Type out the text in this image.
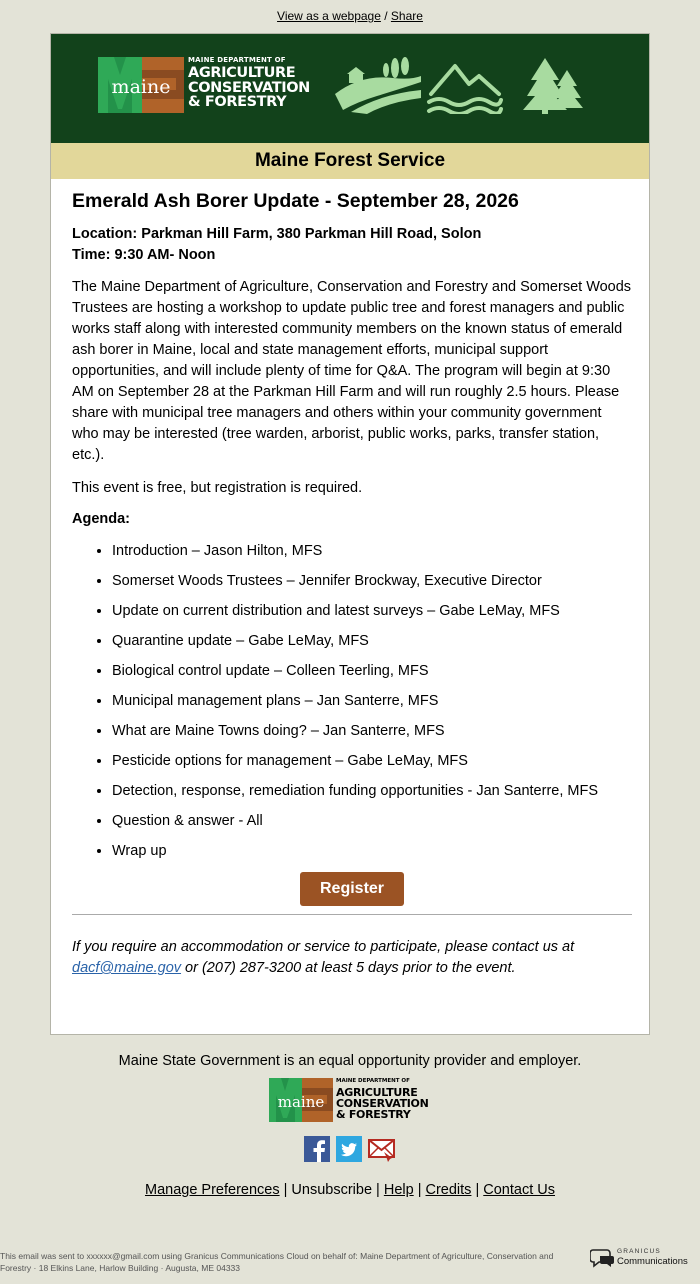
View as a webpage / Share
maine
MAINE DEPARTMENT OF
AGRICULTURE
CONSERVATION
& FORESTRY
Maine Forest Service
Emerald Ash Borer Update - September 28, 2026
Location: Parkman Hill Farm, 380 Parkman Hill Road, Solon
Time: 9:30 AM- Noon

The Maine Department of Agriculture, Conservation and Forestry and Somerset Woods Trustees are hosting a workshop to update public tree and forest managers and public works staff along with interested community members on the known status of emerald ash borer in Maine, local and state management efforts, municipal support opportunities, and will include plenty of time for Q&A. The program will begin at 9:30 AM on September 28 at the Parkman Hill Farm and will run roughly 2.5 hours. Please share with municipal tree managers and others within your community government who may be interested (tree warden, arborist, public works, parks, transfer station, etc.).

This event is free, but registration is required.

Agenda:
• Introduction – Jason Hilton, MFS
• Somerset Woods Trustees – Jennifer Brockway, Executive Director
• Update on current distribution and latest surveys – Gabe LeMay, MFS
• Quarantine update – Gabe LeMay, MFS
• Biological control update – Colleen Teerling, MFS
• Municipal management plans – Jan Santerre, MFS
• What are Maine Towns doing? – Jan Santerre, MFS
• Pesticide options for management – Gabe LeMay, MFS
• Detection, response, remediation funding opportunities - Jan Santerre, MFS
• Question & answer - All
• Wrap up
Register
If you require an accommodation or service to participate, please contact us at dacf@maine.gov or (207) 287-3200 at least 5 days prior to the event.
Maine State Government is an equal opportunity provider and employer.
maine
MAINE DEPARTMENT OF
AGRICULTURE
CONSERVATION
& FORESTRY

Manage Preferences | Unsubscribe | Help | Credits | Contact Us
This email was sent to xxxxxx@gmail.com using Granicus Communications Cloud on behalf of: Maine Department of Agriculture, Conservation and Forestry · 18 Elkins Lane, Harlow Building · Augusta, ME 04333
GRANICUS
Communications
